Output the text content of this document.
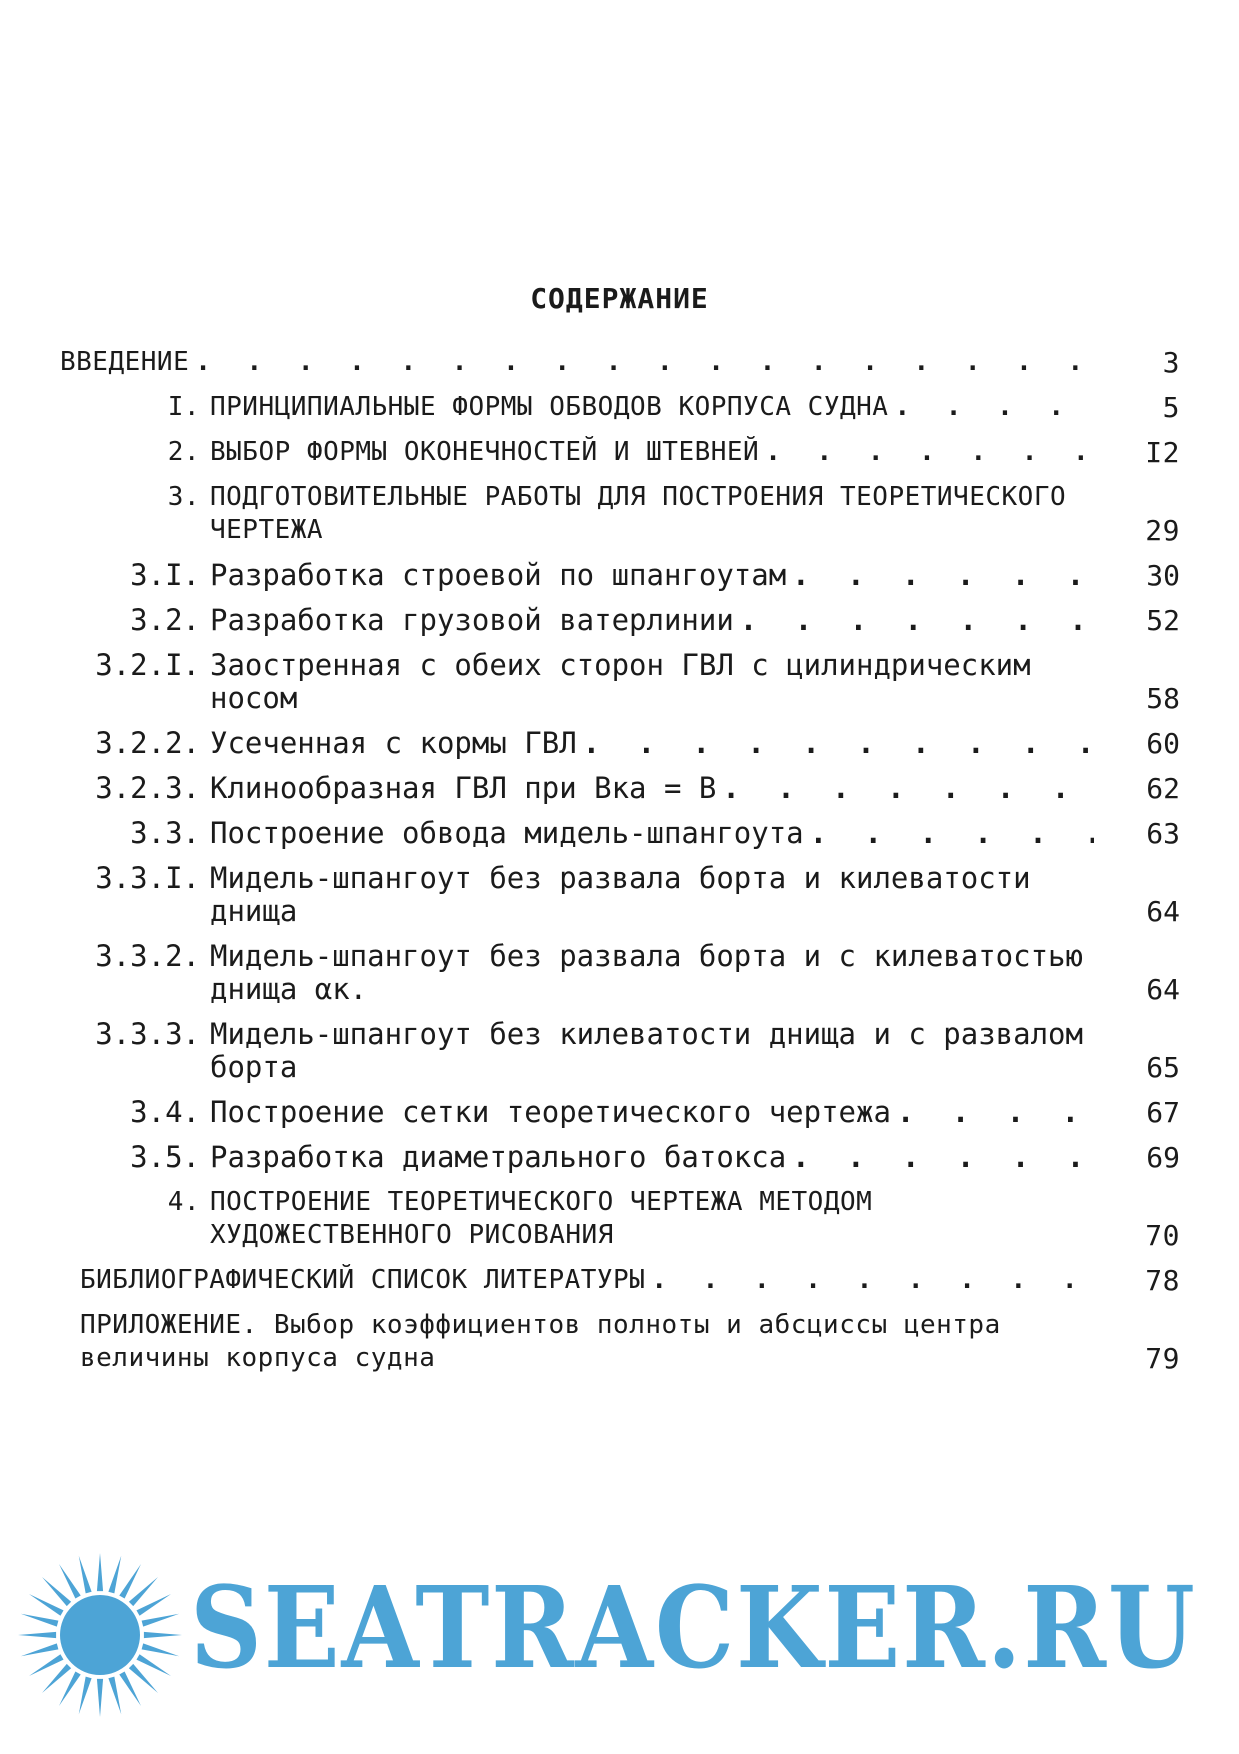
СОДЕРЖАНИЕ
ВВЕДЕНИЕ . . .	3
I. ПРИНЦИПИАЛЬНЫЕ ФОРМЫ ОБВОДОВ КОРПУСА СУДНА . . .	5
2. ВЫБОР ФОРМЫ ОКОНЕЧНОСТЕЙ И ШТЕВНЕЙ . . .	I2
3. ПОДГОТОВИТЕЛЬНЫЕ РАБОТЫ ДЛЯ ПОСТРОЕНИЯ ТЕОРЕТИЧЕСКОГО ЧЕРТЕЖА	29
3.I. Разработка строевой по шпангоутам . . .	30
3.2. Разработка грузовой ватерлинии . . .	52
3.2.I. Заостренная с обеих сторон ГВЛ с цилиндрическим носом	58
3.2.2. Усеченная с кормы ГВЛ . . .	60
3.2.3. Клинообразная ГВЛ при Bка = B . . .	62
3.3. Построение обвода мидель-шпангоута . . .	63
3.3.I. Мидель-шпангоут без развала борта и килеватости днища	64
3.3.2. Мидель-шпангоут без развала борта и с килеватостью днища αк.	64
3.3.3. Мидель-шпангоут без килеватости днища и с развалом борта	65
3.4. Построение сетки теоретического чертежа . . .	67
3.5. Разработка диаметрального батокса . . .	69
4. ПОСТРОЕНИЕ ТЕОРЕТИЧЕСКОГО ЧЕРТЕЖА МЕТОДОМ ХУДОЖЕСТВЕННОГО РИСОВАНИЯ	70
БИБЛИОГРАФИЧЕСКИЙ СПИСОК ЛИТЕРАТУРЫ . . .	78
ПРИЛОЖЕНИЕ. Выбор коэффициентов полноты и абсциссы центра величины корпуса судна	79
SEATRACKER.RU
